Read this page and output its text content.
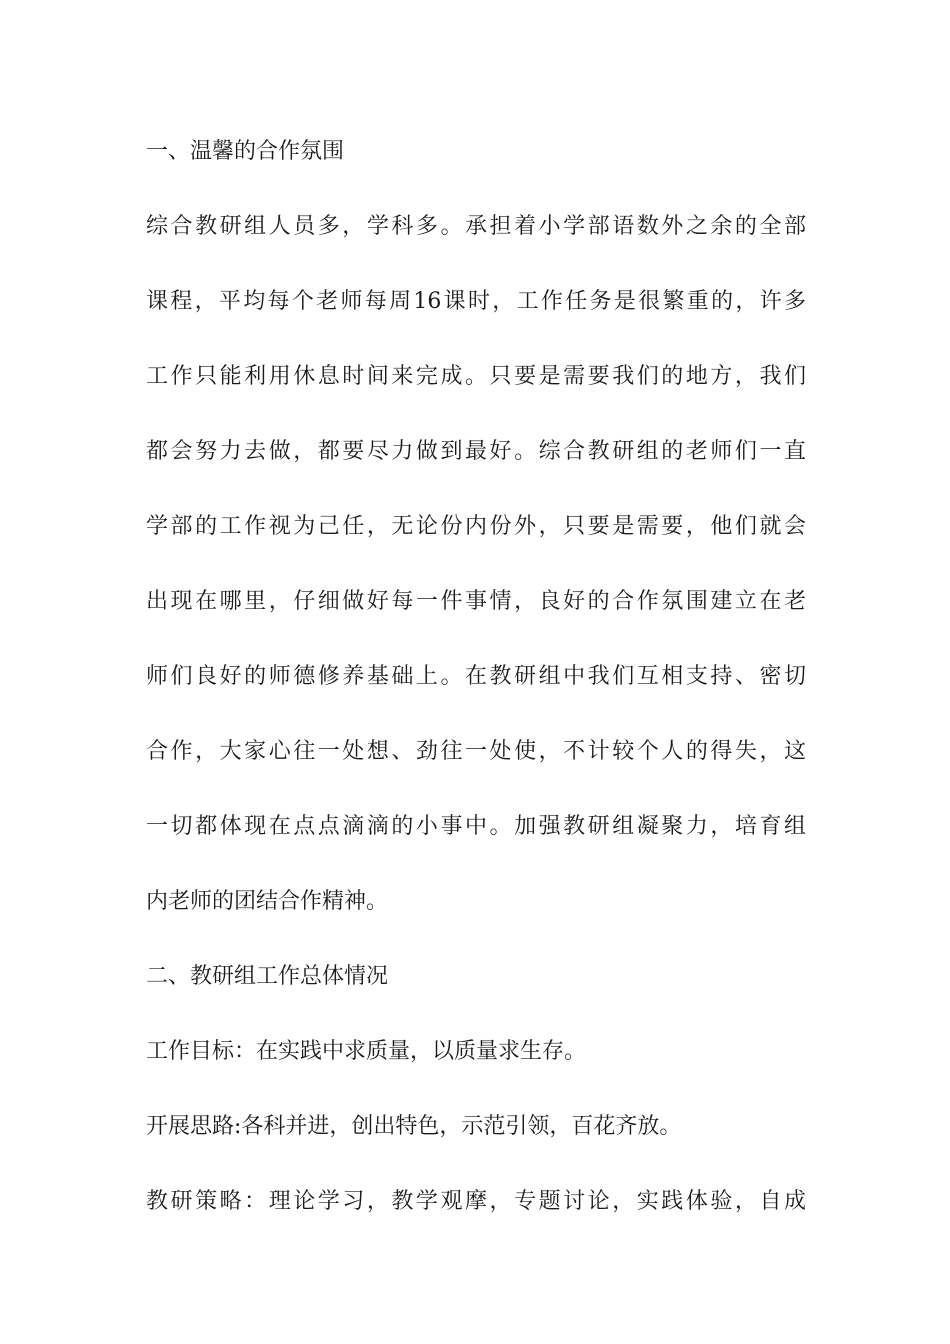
一、温馨的合作氛围
综合教研组人员多，学科多。承担着小学部语数外之余的全部
课程，平均每个老师每周16课时，工作任务是很繁重的，许多
工作只能利用休息时间来完成。只要是需要我们的地方，我们
都会努力去做，都要尽力做到最好。综合教研组的老师们一直
学部的工作视为己任，无论份内份外，只要是需要，他们就会
出现在哪里，仔细做好每一件事情，良好的合作氛围建立在老
师们良好的师德修养基础上。在教研组中我们互相支持、密切
合作，大家心往一处想、劲往一处使，不计较个人的得失，这
一切都体现在点点滴滴的小事中。加强教研组凝聚力，培育组
内老师的团结合作精神。
二、教研组工作总体情况
工作目标：在实践中求质量，以质量求生存。
开展思路:各科并进，创出特色，示范引领，百花齐放。
教研策略：理论学习，教学观摩，专题讨论，实践体验，自成
